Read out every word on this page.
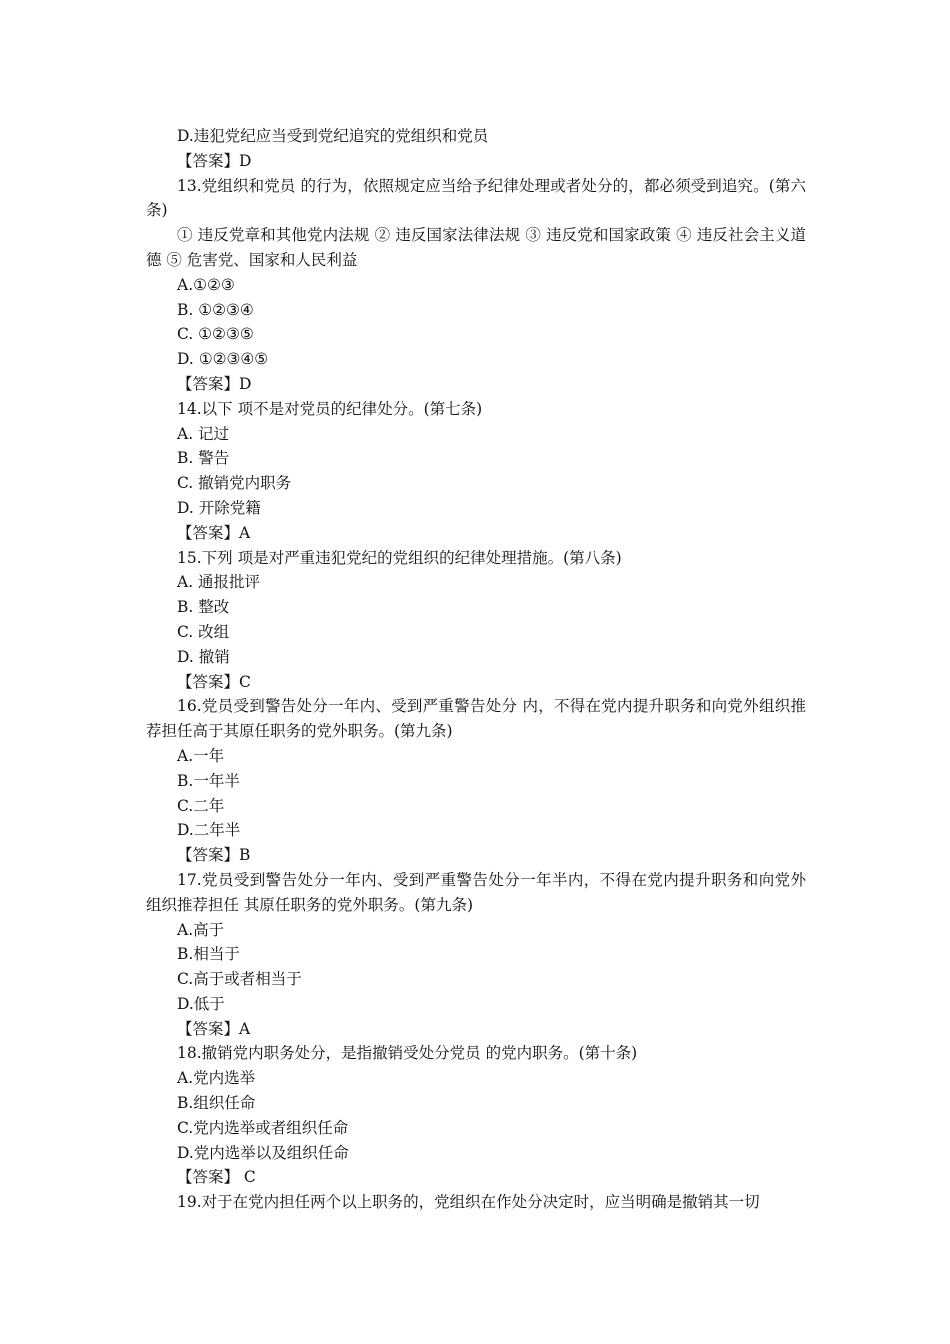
D.违犯党纪应当受到党纪追究的党组织和党员
【答案】D
13.党组织和党员 的行为，依照规定应当给予纪律处理或者处分的，都必须受到追究。(第六条)
① 违反党章和其他党内法规 ② 违反国家法律法规 ③ 违反党和国家政策 ④ 违反社会主义道德 ⑤ 危害党、国家和人民利益
A.①②③
B. ①②③④
C. ①②③⑤
D. ①②③④⑤
【答案】D
14.以下 项不是对党员的纪律处分。(第七条)
A. 记过
B. 警告
C. 撤销党内职务
D. 开除党籍
【答案】A
15.下列 项是对严重违犯党纪的党组织的纪律处理措施。(第八条)
A. 通报批评
B. 整改
C. 改组
D. 撤销
【答案】C
16.党员受到警告处分一年内、受到严重警告处分 内，不得在党内提升职务和向党外组织推荐担任高于其原任职务的党外职务。(第九条)
A.一年
B.一年半
C.二年
D.二年半
【答案】B
17.党员受到警告处分一年内、受到严重警告处分一年半内，不得在党内提升职务和向党外组织推荐担任 其原任职务的党外职务。(第九条)
A.高于
B.相当于
C.高于或者相当于
D.低于
【答案】A
18.撤销党内职务处分，是指撤销受处分党员 的党内职务。(第十条)
A.党内选举
B.组织任命
C.党内选举或者组织任命
D.党内选举以及组织任命
【答案】 C
19.对于在党内担任两个以上职务的，党组织在作处分决定时，应当明确是撤销其一切
